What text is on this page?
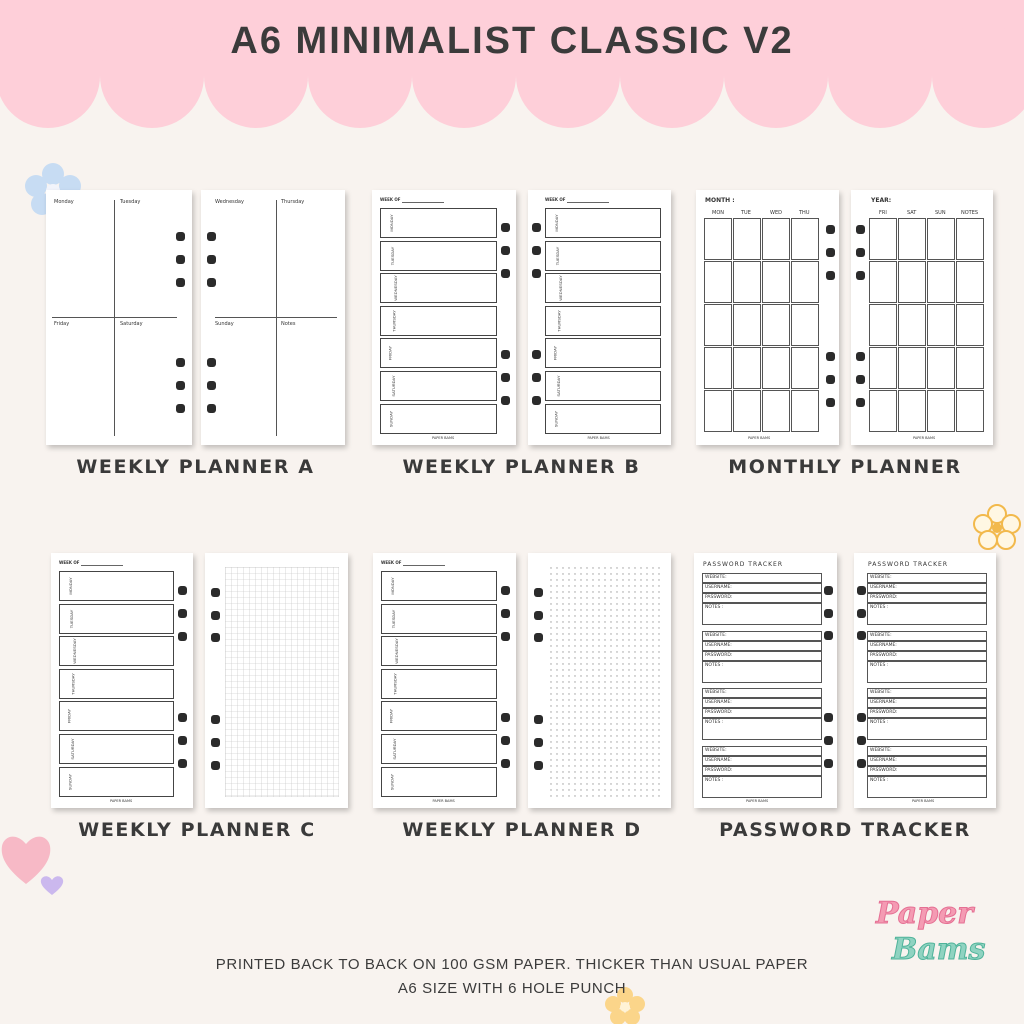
A6 MINIMALIST CLASSIC V2
Monday	Tuesday
Friday	Saturday
Wednesday	Thursday
Sunday	Notes
WEEKLY PLANNER A
WEEK OF
MONDAY
TUESDAY
WEDNESDAY
THURSDAY
FRIDAY
SATURDAY
SUNDAY
PAPER BAMS
WEEK OF
MONDAY
TUESDAY
WEDNESDAY
THURSDAY
FRIDAY
SATURDAY
SUNDAY
PAPER BAMS
WEEKLY PLANNER B
MONTH :
MON	TUE	WED	THU
PAPER BAMS
YEAR:
FRI	SAT	SUN	NOTES
PAPER BAMS
MONTHLY PLANNER
WEEK OF
MONDAY
TUESDAY
WEDNESDAY
THURSDAY
FRIDAY
SATURDAY
SUNDAY
PAPER BAMS
WEEKLY PLANNER C
WEEK OF
MONDAY
TUESDAY
WEDNESDAY
THURSDAY
FRIDAY
SATURDAY
SUNDAY
PAPER BAMS
WEEKLY PLANNER D
PASSWORD TRACKER
PAPER BAMS
WEBSITE:
USERNAME:
PASSWORD:
NOTES :
WEBSITE:
USERNAME:
PASSWORD:
NOTES :
WEBSITE:
USERNAME:
PASSWORD:
NOTES :
WEBSITE:
USERNAME:
PASSWORD:
NOTES :
PASSWORD TRACKER
PAPER BAMS
WEBSITE:
USERNAME:
PASSWORD:
NOTES :
WEBSITE:
USERNAME:
PASSWORD:
NOTES :
WEBSITE:
USERNAME:
PASSWORD:
NOTES :
WEBSITE:
USERNAME:
PASSWORD:
NOTES :
PASSWORD TRACKER
PRINTED BACK TO BACK ON 100 GSM PAPER. THICKER THAN USUAL PAPER
A6 SIZE WITH 6 HOLE PUNCH
Paper
Bams
